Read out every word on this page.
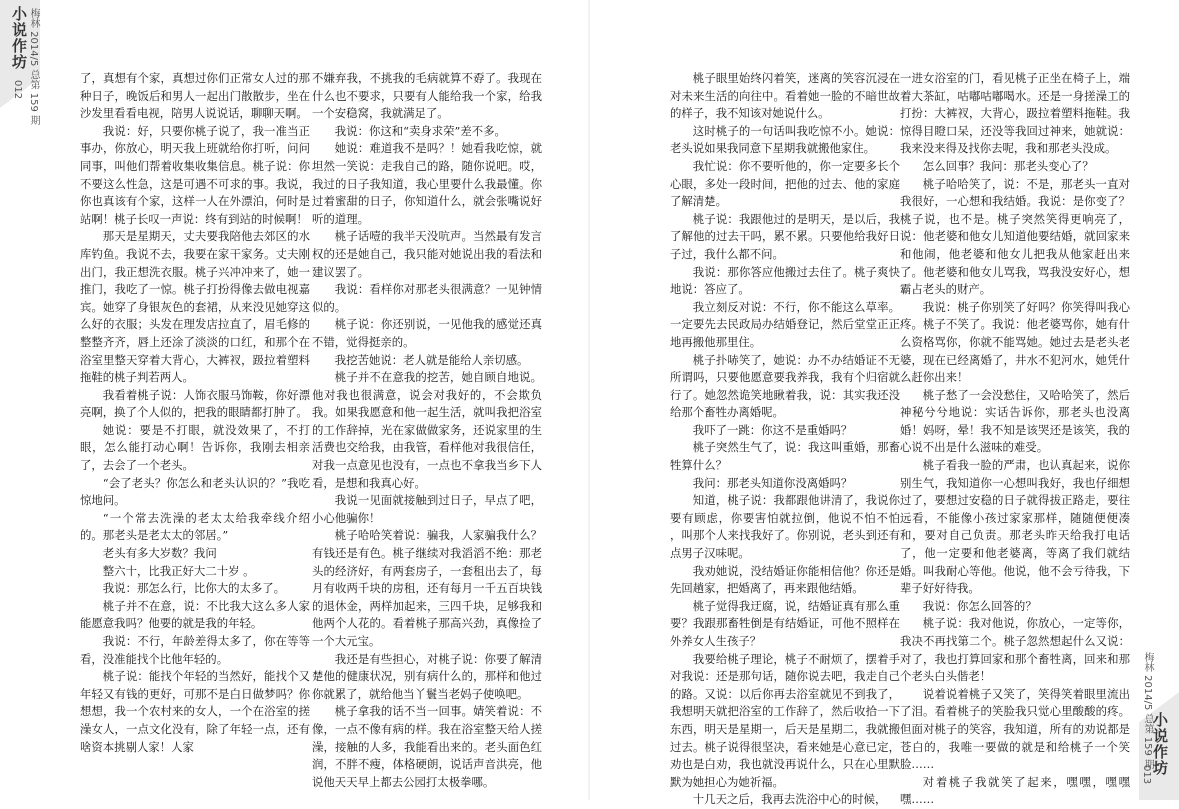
小说作坊 梅林 2014/5 总第 159 期
012

了，真想有个家，真想过你们正常女人过的那种日子，晚饭后和男人一起出门散散步，坐在沙发里看看电视，陪男人说说话，聊聊天啊。

我说：好，只要你桃子说了，我一准当正事办，你放心，明天我上班就给你打听，问问同事，叫他们帮着收集收集信息。桃子说：你不要这么性急，这是可遇不可求的事。我说，你也真该有个家，这样一人在外漂泊，何时是站啊！桃子长叹一声说：终有到站的时候啊！

那天是星期天，丈夫要我陪他去郊区的水库钓鱼。我说不去，我要在家干家务。丈夫刚出门，我正想洗衣服。桃子兴冲冲来了，她一推门，我吃了一惊。桃子打扮得像去做电视嘉宾。她穿了身银灰色的套裙，从来没见她穿这么好的衣服；头发在理发店拉直了，眉毛修的整整齐齐，唇上还涂了淡淡的口红，和那个在浴室里整天穿着大背心，大裤衩，趿拉着塑料拖鞋的桃子判若两人。

我看着桃子说：人饰衣服马饰鞍，你好漂亮啊，换了个人似的，把我的眼睛都打肿了。

她说：要是不打眼，就没效果了，不打眼，怎么能打动心啊！告诉你，我刚去相亲了，去会了一个老头。

“会了老头？你怎么和老头认识的？”我吃惊地问。

“一个常去洗澡的老太太给我牵线介绍的。那老头是老太太的邻居。”

老头有多大岁数？我问

整六十，比我正好大二十岁 。

我说：那怎么行，比你大的太多了。

桃子并不在意，说：不比我大这么多人家能愿意我吗？他要的就是我的年轻。

我说：不行，年龄差得太多了，你在等等看，没准能找个比他年轻的。

桃子说：能找个年轻的当然好，能找个又年轻又有钱的更好，可那不是白日做梦吗？你想想，我一个农村来的女人，一个在浴室的搓澡女人，一点文化没有，除了年轻一点，还有啥资本挑剔人家！人家

不嫌弃我，不挑我的毛病就算不孬了。我现在什么也不要求，只要有人能给我一个家，给我一个安稳窝，我就满足了。

我说：你这和“卖身求荣”差不多。

她说：难道我不是吗？！她看我吃惊，就坦然一笑说：走我自己的路，随你说吧。哎，我过的日子我知道，我心里要什么我最懂。你过着蜜甜的日子，你知道什么，就会张嘴说好听的道理。

桃子话噎的我半天没吭声。当然最有发言权的还是她自己，我只能对她说出我的看法和建议罢了。

我说：看样你对那老头很满意？一见钟情似的。

桃子说：你还别说，一见他我的感觉还真不错，觉得挺亲的。

我挖苦她说：老人就是能给人亲切感。

桃子并不在意我的挖苦，她自顾自地说。他对我也很满意，说会对我好的，不会欺负我。如果我愿意和他一起生活，就叫我把浴室的工作辞掉，光在家做做家务，还说家里的生活费也交给我，由我管，看样他对我很信任，对我一点意见也没有，一点也不拿我当乡下人看，是想和我真心好。

我说一见面就接触到过日子，早点了吧，小心他骗你！

桃子哈哈笑着说：骗我，人家骗我什么？有钱还是有色。桃子继续对我滔滔不绝：那老头的经济好，有两套房子，一套租出去了，每月有收两千块的房租，还有每月一千五百块钱的退休金，两样加起来，三四千块，足够我和他两个人花的。看着桃子那高兴劲，真像捡了一个大元宝。

我还是有些担心，对桃子说：你要了解清楚他的健康状况，别有病什么的，那样和他过你就累了，就给他当丫鬟当老妈子使唤吧。

桃子拿我的话不当一回事。婧笑着说：不像，一点不像有病的样。我在浴室整天给人搓澡，接触的人多，我能看出来的。老头面色红润，不胖不瘦，体格硬朗，说话声音洪亮，他说他天天早上都去公园打太极拳哪。

桃子眼里始终闪着笑，迷离的笑容沉浸在对未来生活的向往中。看着她一脸的不暗世故的样子，我不知该对她说什么。

这时桃子的一句话叫我吃惊不小。她说：老头说如果我同意下星期我就搬他家住。

我忙说：你不要听他的，你一定要多长个心眼，多处一段时间，把他的过去、他的家庭了解清楚。

桃子说：我跟他过的是明天，是以后，我了解他的过去干吗，累不累。只要他给我好日子过，我什么都不问。

我说：那你答应他搬过去住了。桃子爽快地说：答应了。

我立刻反对说：不行，你不能这么草率。一定要先去民政局办结婚登记，然后堂堂正正地再搬他那里住。

桃子扑哧笑了，她说：办不办结婚证不无所谓吗，只要他愿意要我养我，我有个归宿就行了。她忽然诡笑地瞅着我，说：其实我还没给那个畜牲办离婚呢。

我吓了一跳：你这不是重婚吗？

桃子突然生气了，说：我这叫重婚，那畜牲算什么？

我问：那老头知道你没离婚吗？

知道，桃子说：我都跟他讲清了，我说你要有顾虑，你要害怕就拉倒，他说不怕不怕 ，叫那个人来找我好了。你别说，老头到还有点男子汉味呢。

我劝她说，没结婚证你能相信他？你还是先回趟家，把婚离了，再来跟他结婚。

桃子觉得我迂腐，说，结婚证真有那么重要？我跟那畜牲倒是有结婚证，可他不照样在外养女人生孩子？

我要给桃子理论，桃子不耐烦了，摆着手对我说：还是那句话，随你说去吧，我走自己的路。又说：以后你再去浴室就见不到我了，我想明天就把浴室的工作辞了，然后收拾一下东西，明天是星期一，后天是星期二，我就搬过去。桃子说得很坚决，看来她是心意已定，劝也是白劝，我也就没再说什么，只在心里默默为她担心为她祈福。

十几天之后，我再去洗浴中心的时候，

一进女浴室的门，看见桃子正坐在椅子上，端着大茶缸，咕嘟咕嘟喝水。还是一身搓澡工的打扮：大裤衩，大背心，趿拉着塑料拖鞋。我惊得目瞪口呆，还没等我回过神来，她就说：我来没来得及找你去呢，我和那老头没成。

怎么回事？我问：那老头变心了？

桃子哈哈笑了，说：不是，那老头一直对我很好，一心想和我结婚。我说：是你变了？桃子说，也不是。桃子突然笑得更响亮了，说：他老婆和他女儿知道他要结婚，就回家来和他闹，他老婆和他女儿把我从他家赶出来了。他老婆和他女儿骂我，骂我没安好心，想霸占老头的财产。

我说：桃子你别笑了好吗？你笑得叫我心疼。桃子不笑了。我说：他老婆骂你，她有什么资格骂你，你就不能骂她。她过去是老头老婆，现在已经离婚了，井水不犯河水，她凭什么赶你出来！

桃子愁了一会没愁住，又哈哈笑了，然后神秘兮兮地说：实话告诉你，那老头也没离婚！妈呀，晕！我不知是该哭还是该笑，我的心说不出是什么滋味的难受。

桃子看我一脸的严肃，也认真起来，说你别生气，我知道你一心想叫我好，我也仔细想过了，要想过安稳的日子就得拔正路走，要往远看，不能像小孩过家家那样，随随便便凑和，要对自己负责。那老头昨天给我打电话了，他一定要和他老婆离，等离了我们就结婚。叫我耐心等他。他说，他不会亏待我，下辈子好好待我。

我说：你怎么回答的？

桃子说：我对他说，你放心，一定等你，我决不再找第二个。桃子忽然想起什么又说：对了，我也打算回家和那个畜牲离，回来和那个老头白头偕老！

说着说着桃子又笑了，笑得笑着眼里流出了泪。看着桃子的笑脸我只觉心里酸酸的疼。但面对桃子的笑容，我知道，所有的劝说都是苍白的，我唯一要做的就是和给桃子一个笑脸……

对着桃子我就笑了起来，嘿嘿，嘿嘿嘿……

梅林 2014/5 总第 159 期
小说作坊
013
